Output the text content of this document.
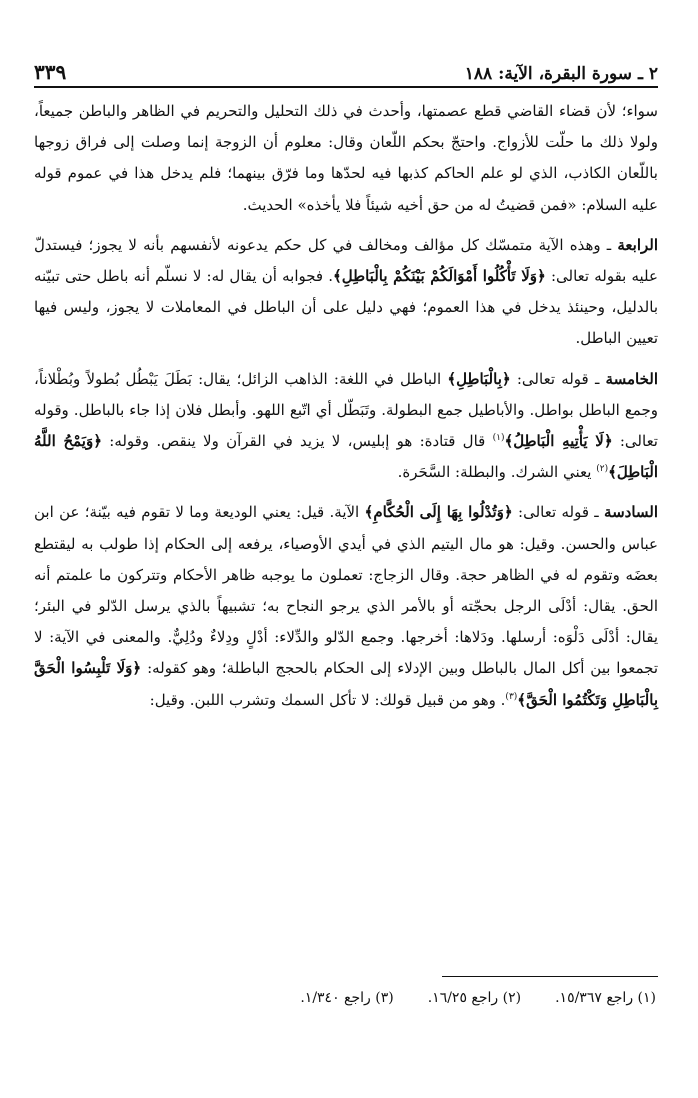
٢ ـ سورة البقرة، الآية: ١٨٨
٣٣٩

سواء؛ لأن قضاء القاضي قطع عصمتها، وأحدث في ذلك التحليل والتحريم في الظاهر والباطن جميعاً، ولولا ذلك ما حلّت للأزواج. واحتجّ بحكم اللّعان وقال: معلوم أن الزوجة إنما وصلت إلى فراق زوجها باللّعان الكاذب، الذي لو علم الحاكم كذبها فيه لحدّها وما فرّق بينهما؛ فلم يدخل هذا في عموم قوله عليه السلام: «فمن قضيتُ له من حق أخيه شيئاً فلا يأخذه» الحديث.

الرابعة ـ وهذه الآية متمسّك كل مؤالف ومخالف في كل حكم يدعونه لأنفسهم بأنه لا يجوز؛ فيستدلّ عليه بقوله تعالى: ﴿وَلَا تَأْكُلُوا أَمْوَالَكُمْ بَيْنَكُمْ بِالْبَاطِلِ﴾. فجوابه أن يقال له: لا نسلّم أنه باطل حتى تبيّنه بالدليل، وحينئذ يدخل في هذا العموم؛ فهي دليل على أن الباطل في المعاملات لا يجوز، وليس فيها تعيين الباطل.

الخامسة ـ قوله تعالى: ﴿بِالْبَاطِلِ﴾ الباطل في اللغة: الذاهب الزائل؛ يقال: بَطَلَ يَبْطُل بُطولاً وبُطْلاناً، وجمع الباطل بواطل. والأباطيل جمع البطولة. وتَبَطّل أي اتّبع اللهو. وأبطل فلان إذا جاء بالباطل. وقوله تعالى: ﴿لَا يَأْتِيهِ الْبَاطِلُ﴾$^{(١)}$ قال قتادة: هو إبليس، لا يزيد في القرآن ولا ينقص. وقوله: ﴿وَيَمْحُ اللَّهُ الْبَاطِلَ﴾$^{(٢)}$ يعني الشرك. والبطلة: السَّحَرة.

السادسة ـ قوله تعالى: ﴿وَتُدْلُوا بِهَا إِلَى الْحُكَّامِ﴾ الآية. قيل: يعني الوديعة وما لا تقوم فيه بيّنة؛ عن ابن عباس والحسن. وقيل: هو مال اليتيم الذي في أيدي الأوصياء، يرفعه إلى الحكام إذا طولب به ليقتطع بعضَه وتقوم له في الظاهر حجة. وقال الزجاج: تعملون ما يوجبه ظاهر الأحكام وتتركون ما علمتم أنه الحق. يقال: أدْلَى الرجل بحجّته أو بالأمر الذي يرجو النجاح به؛ تشبيهاً بالذي يرسل الدّلو في البئر؛ يقال: أدْلَى دَلْوَه: أرسلها. ودَلاها: أخرجها. وجمع الدّلو والدِّلاء: أدْلٍ ودِلاءٌ ودُلِيٌّ. والمعنى في الآية: لا تجمعوا بين أكل المال بالباطل وبين الإدلاء إلى الحكام بالحجج الباطلة؛ وهو كقوله: ﴿وَلَا تَلْبِسُوا الْحَقَّ بِالْبَاطِلِ وَتَكْتُمُوا الْحَقَّ﴾$^{(٣)}$. وهو من قبيل قولك: لا تأكل السمك وتشرب اللبن. وقيل:

(١) راجع ١٥/٣٦٧.
(٢) راجع ١٦/٢٥.
(٣) راجع ١/٣٤٠.
